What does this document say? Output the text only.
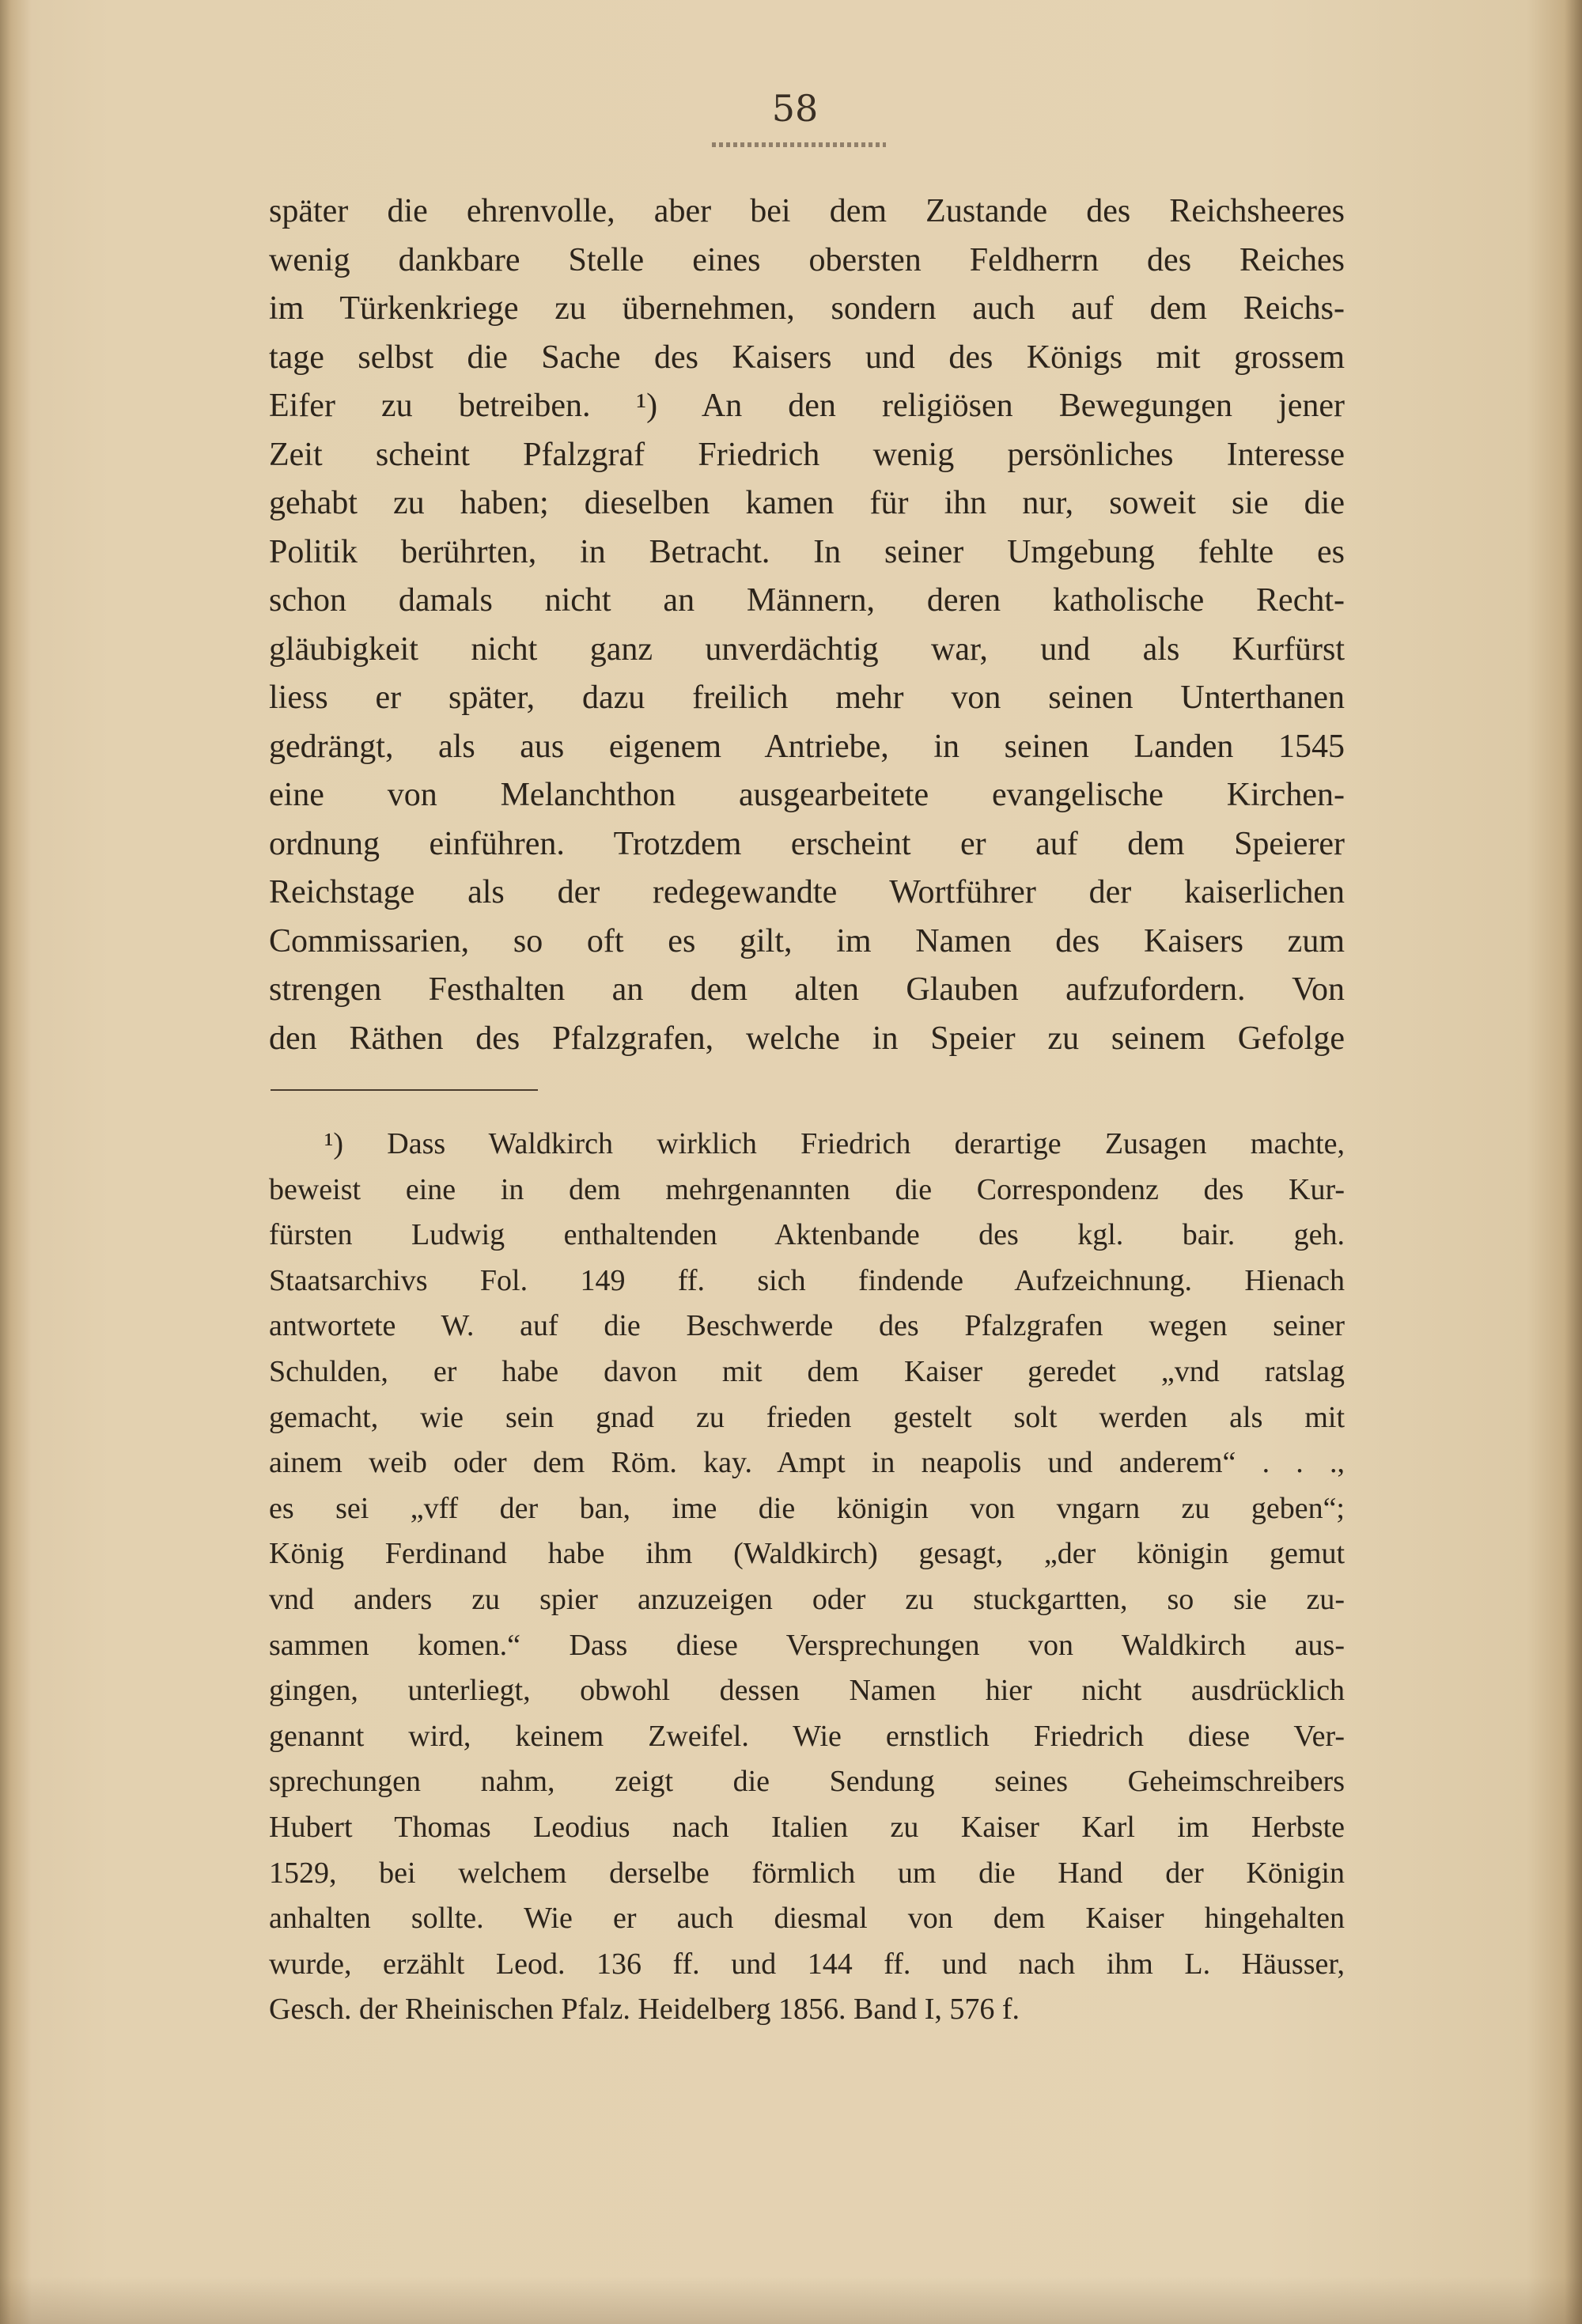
58
später die ehrenvolle, aber bei dem Zustande des Reichsheeres
wenig dankbare Stelle eines obersten Feldherrn des Reiches
im Türkenkriege zu übernehmen, sondern auch auf dem Reichs-
tage selbst die Sache des Kaisers und des Königs mit grossem
Eifer zu betreiben. ¹) An den religiösen Bewegungen jener
Zeit scheint Pfalzgraf Friedrich wenig persönliches Interesse
gehabt zu haben; dieselben kamen für ihn nur, soweit sie die
Politik berührten, in Betracht. In seiner Umgebung fehlte es
schon damals nicht an Männern, deren katholische Recht-
gläubigkeit nicht ganz unverdächtig war, und als Kurfürst
liess er später, dazu freilich mehr von seinen Unterthanen
gedrängt, als aus eigenem Antriebe, in seinen Landen 1545
eine von Melanchthon ausgearbeitete evangelische Kirchen-
ordnung einführen. Trotzdem erscheint er auf dem Speierer
Reichstage als der redegewandte Wortführer der kaiserlichen
Commissarien, so oft es gilt, im Namen des Kaisers zum
strengen Festhalten an dem alten Glauben aufzufordern. Von
den Räthen des Pfalzgrafen, welche in Speier zu seinem Gefolge
¹) Dass Waldkirch wirklich Friedrich derartige Zusagen machte,
beweist eine in dem mehrgenannten die Correspondenz des Kur-
fürsten Ludwig enthaltenden Aktenbande des kgl. bair. geh.
Staatsarchivs Fol. 149 ff. sich findende Aufzeichnung. Hienach
antwortete W. auf die Beschwerde des Pfalzgrafen wegen seiner
Schulden, er habe davon mit dem Kaiser geredet „vnd ratslag
gemacht, wie sein gnad zu frieden gestelt solt werden als mit
ainem weib oder dem Röm. kay. Ampt in neapolis und anderem“ . . .,
es sei „vff der ban, ime die königin von vngarn zu geben“;
König Ferdinand habe ihm (Waldkirch) gesagt, „der königin gemut
vnd anders zu spier anzuzeigen oder zu stuckgartten, so sie zu-
sammen komen.“ Dass diese Versprechungen von Waldkirch aus-
gingen, unterliegt, obwohl dessen Namen hier nicht ausdrücklich
genannt wird, keinem Zweifel. Wie ernstlich Friedrich diese Ver-
sprechungen nahm, zeigt die Sendung seines Geheimschreibers
Hubert Thomas Leodius nach Italien zu Kaiser Karl im Herbste
1529, bei welchem derselbe förmlich um die Hand der Königin
anhalten sollte. Wie er auch diesmal von dem Kaiser hingehalten
wurde, erzählt Leod. 136 ff. und 144 ff. und nach ihm L. Häusser,
Gesch. der Rheinischen Pfalz. Heidelberg 1856. Band I, 576 f.
